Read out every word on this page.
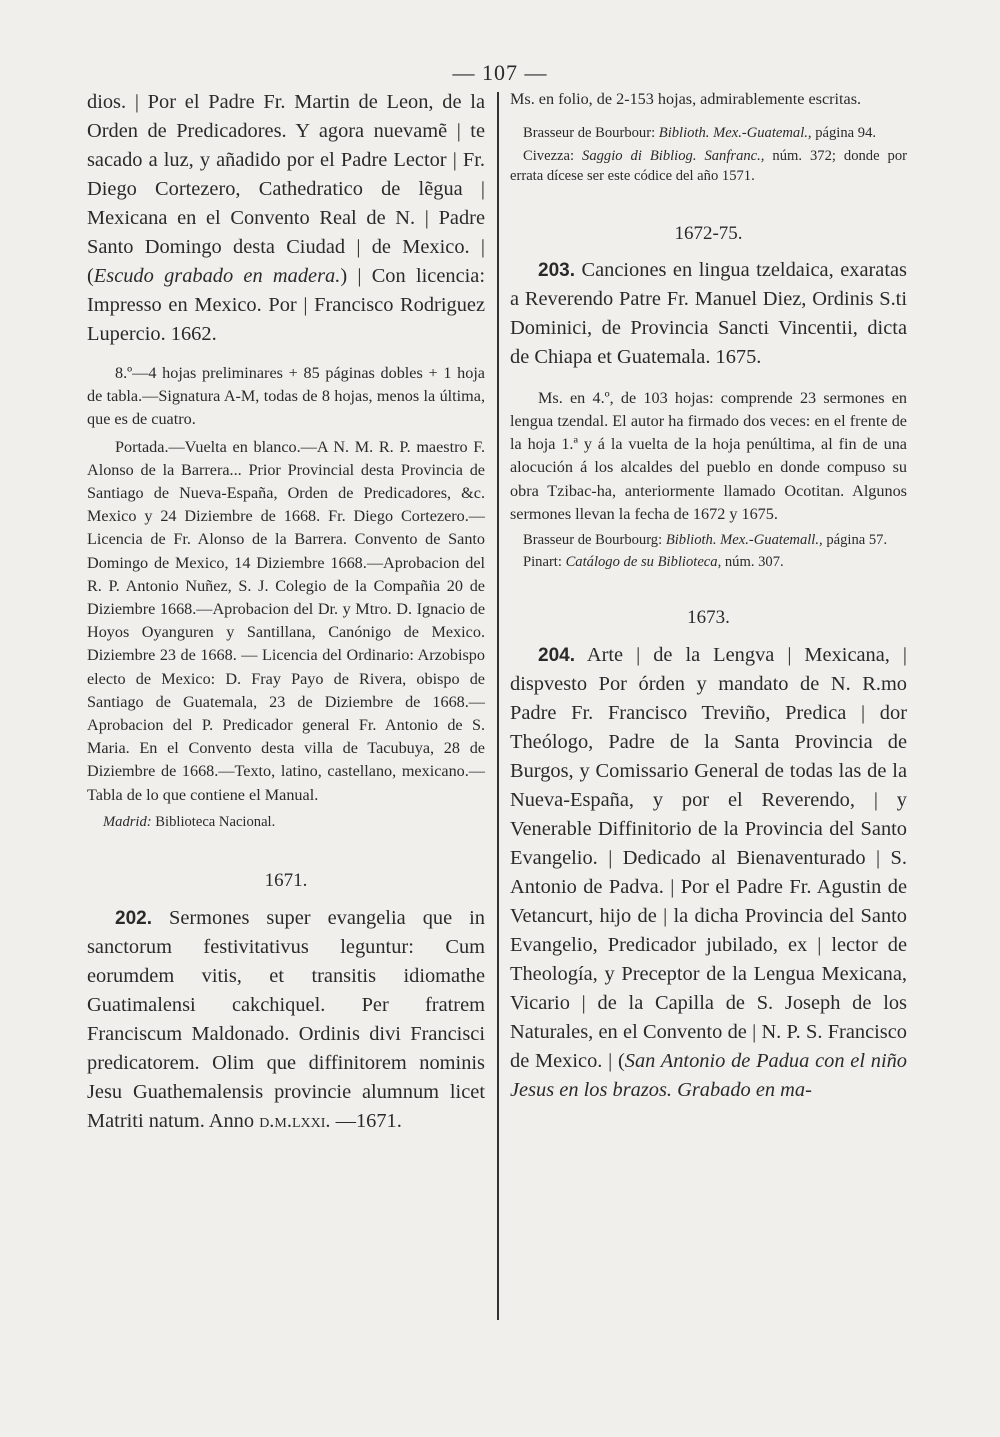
— 107 —

dios. | Por el Padre Fr. Martin de Leon, de la Orden de Predicadores. Y agora nuevamẽ | te sacado a luz, y añadido por el Padre Lector | Fr. Diego Cortezero, Cathedratico de lẽgua | Mexicana en el Convento Real de N. | Padre Santo Domingo desta Ciudad | de Mexico. | (Escudo grabado en madera.) | Con licencia: Impresso en Mexico. Por | Francisco Rodriguez Lupercio. 1662.

8.º—4 hojas preliminares + 85 páginas dobles + 1 hoja de tabla.—Signatura A-M, todas de 8 hojas, menos la última, que es de cuatro.

Portada.—Vuelta en blanco.—A N. M. R. P. maestro F. Alonso de la Barrera... Prior Provincial desta Provincia de Santiago de Nueva-España, Orden de Predicadores, &c. Mexico y 24 Diziembre de 1668. Fr. Diego Cortezero.—Licencia de Fr. Alonso de la Barrera. Convento de Santo Domingo de Mexico, 14 Diziembre 1668.—Aprobacion del R. P. Antonio Nuñez, S. J. Colegio de la Compañia 20 de Diziembre 1668.—Aprobacion del Dr. y Mtro. D. Ignacio de Hoyos Oyanguren y Santillana, Canónigo de Mexico. Diziembre 23 de 1668. — Licencia del Ordinario: Arzobispo electo de Mexico: D. Fray Payo de Rivera, obispo de Santiago de Guatemala, 23 de Diziembre de 1668.—Aprobacion del P. Predicador general Fr. Antonio de S. Maria. En el Convento desta villa de Tacubuya, 28 de Diziembre de 1668.—Texto, latino, castellano, mexicano.—Tabla de lo que contiene el Manual.

Madrid: Biblioteca Nacional.

1671.

202. Sermones super evangelia que in sanctorum festivitativus leguntur: Cum eorumdem vitis, et transitis idiomathe Guatimalensi cakchiquel. Per fratrem Franciscum Maldonado. Ordinis divi Francisci predicatorem. Olim que diffinitorem nominis Jesu Guathemalensis provincie alumnum licet Matriti natum. Anno d.m.lxxi. —1671.

Ms. en folio, de 2-153 hojas, admirablemente escritas.

Brasseur de Bourbour: Biblioth. Mex.-Guatemal., página 94.

Civezza: Saggio di Bibliog. Sanfranc., núm. 372; donde por errata dícese ser este códice del año 1571.

1672-75.

203. Canciones en lingua tzeldaica, exaratas a Reverendo Patre Fr. Manuel Diez, Ordinis S.ti Dominici, de Provincia Sancti Vincentii, dicta de Chiapa et Guatemala. 1675.

Ms. en 4.º, de 103 hojas: comprende 23 sermones en lengua tzendal. El autor ha firmado dos veces: en el frente de la hoja 1.ª y á la vuelta de la hoja penúltima, al fin de una alocución á los alcaldes del pueblo en donde compuso su obra Tzibac-ha, anteriormente llamado Ocotitan. Algunos sermones llevan la fecha de 1672 y 1675.

Brasseur de Bourbourg: Biblioth. Mex.-Guatemall., página 57.

Pinart: Catálogo de su Biblioteca, núm. 307.

1673.

204. Arte | de la Lengva | Mexicana, | dispvesto Por órden y mandato de N. R.mo Padre Fr. Francisco Treviño, Predica | dor Theólogo, Padre de la Santa Provincia de Burgos, y Comissario General de todas las de la Nueva-España, y por el Reverendo, | y Venerable Diffinitorio de la Provincia del Santo Evangelio. | Dedicado al Bienaventurado | S. Antonio de Padva. | Por el Padre Fr. Agustin de Vetancurt, hijo de | la dicha Provincia del Santo Evangelio, Predicador jubilado, ex | lector de Theología, y Preceptor de la Lengua Mexicana, Vicario | de la Capilla de S. Joseph de los Naturales, en el Convento de | N. P. S. Francisco de Mexico. | (San Antonio de Padua con el niño Jesus en los brazos. Grabado en ma-
